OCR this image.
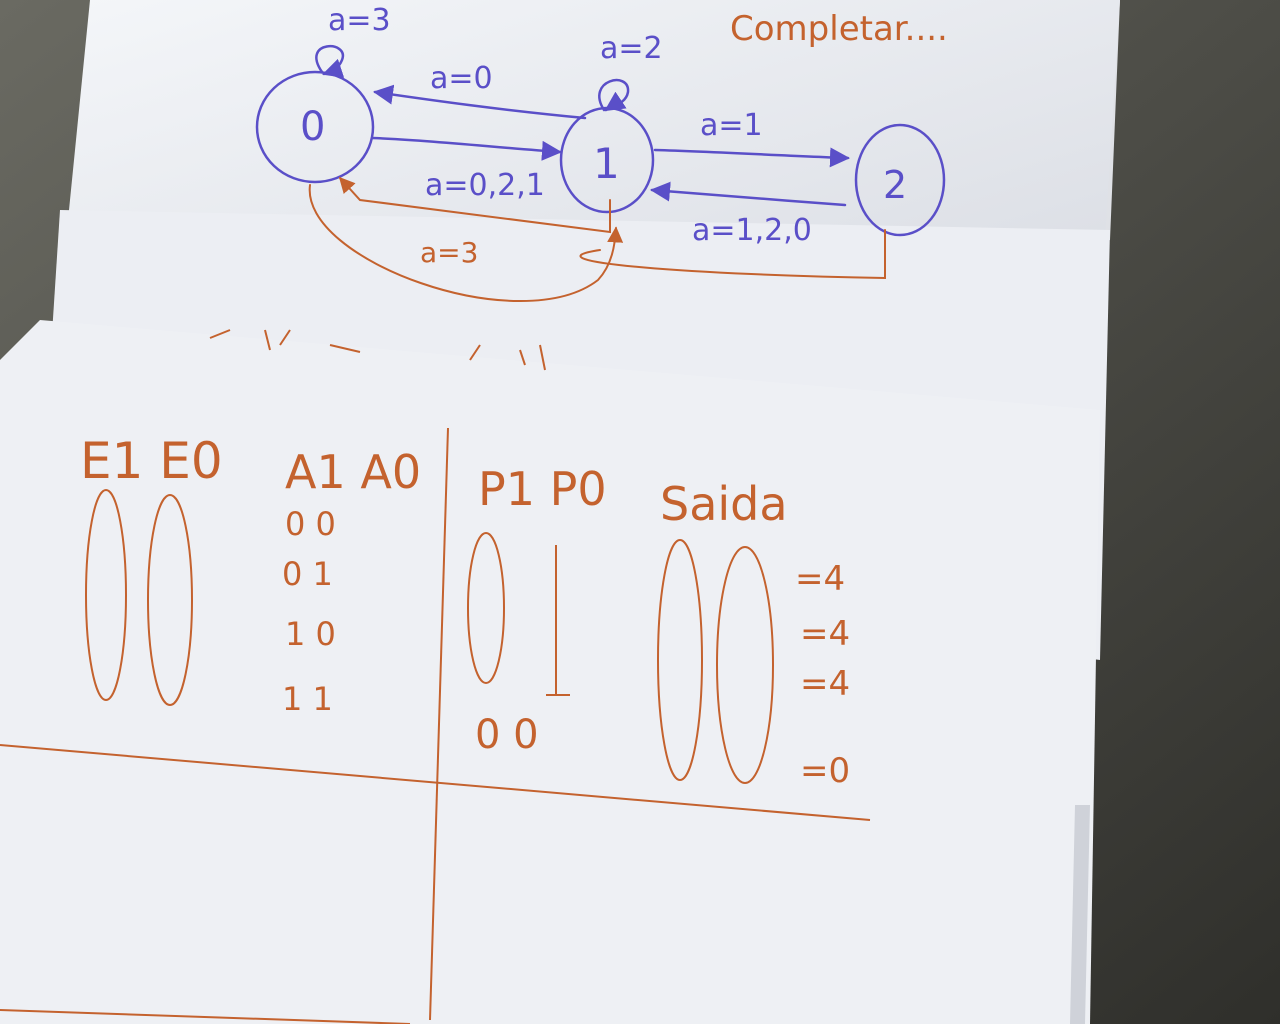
0
1	2
a=3
a=2
a=0
a=0,2,1
a=1
a=1,2,0
a=3
Completar....
E1 E0 A1 A0 P1 P0 Saida
0 0
0 1
1 0
1 1
0 0
=4
=4
=4
=0
